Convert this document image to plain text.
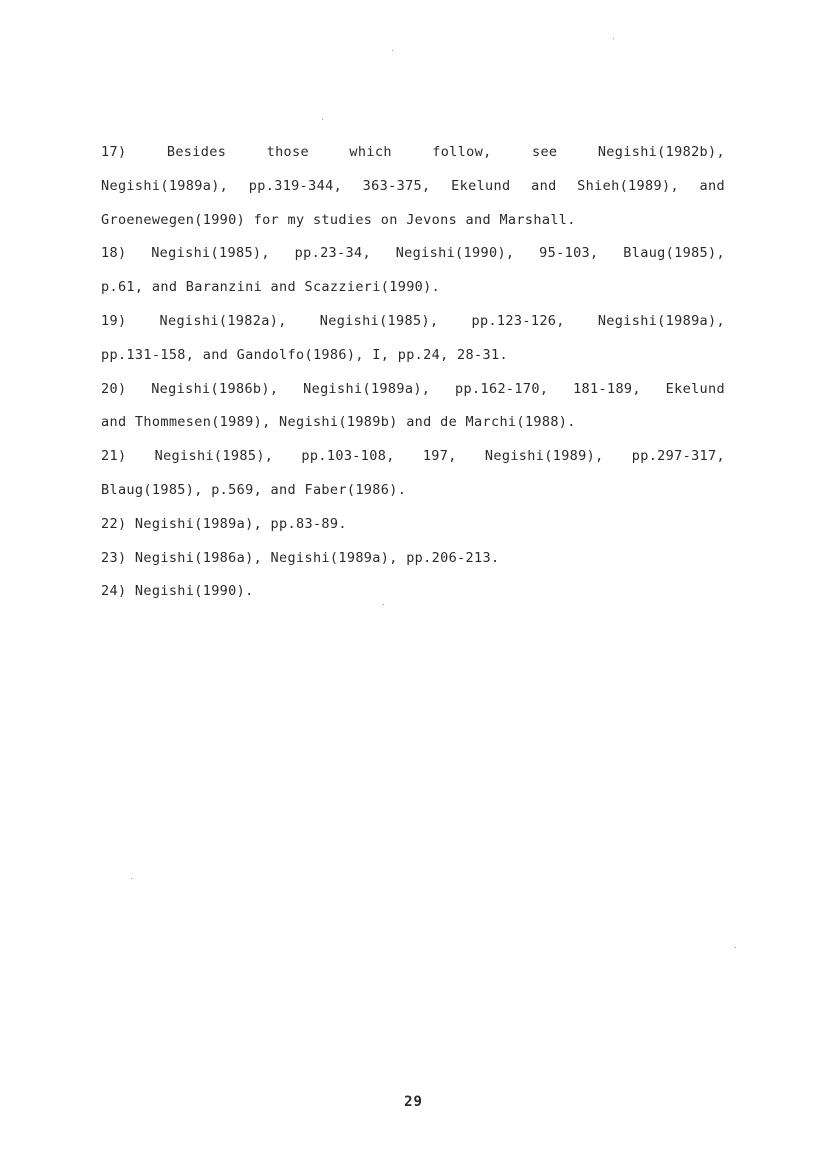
17) Besides those which follow, see Negishi(1982b),
Negishi(1989a), pp.319-344, 363-375, Ekelund and Shieh(1989), and
Groenewegen(1990) for my studies on Jevons and Marshall.
18) Negishi(1985), pp.23-34, Negishi(1990), 95-103, Blaug(1985),
p.61, and Baranzini and Scazzieri(1990).
19) Negishi(1982a), Negishi(1985), pp.123-126, Negishi(1989a),
pp.131-158, and Gandolfo(1986), I, pp.24, 28-31.
20) Negishi(1986b), Negishi(1989a), pp.162-170, 181-189, Ekelund
and Thommesen(1989), Negishi(1989b) and de Marchi(1988).
21) Negishi(1985), pp.103-108, 197, Negishi(1989), pp.297-317,
Blaug(1985), p.569, and Faber(1986).
22) Negishi(1989a), pp.83-89.
23) Negishi(1986a), Negishi(1989a), pp.206-213.
24) Negishi(1990).
29
